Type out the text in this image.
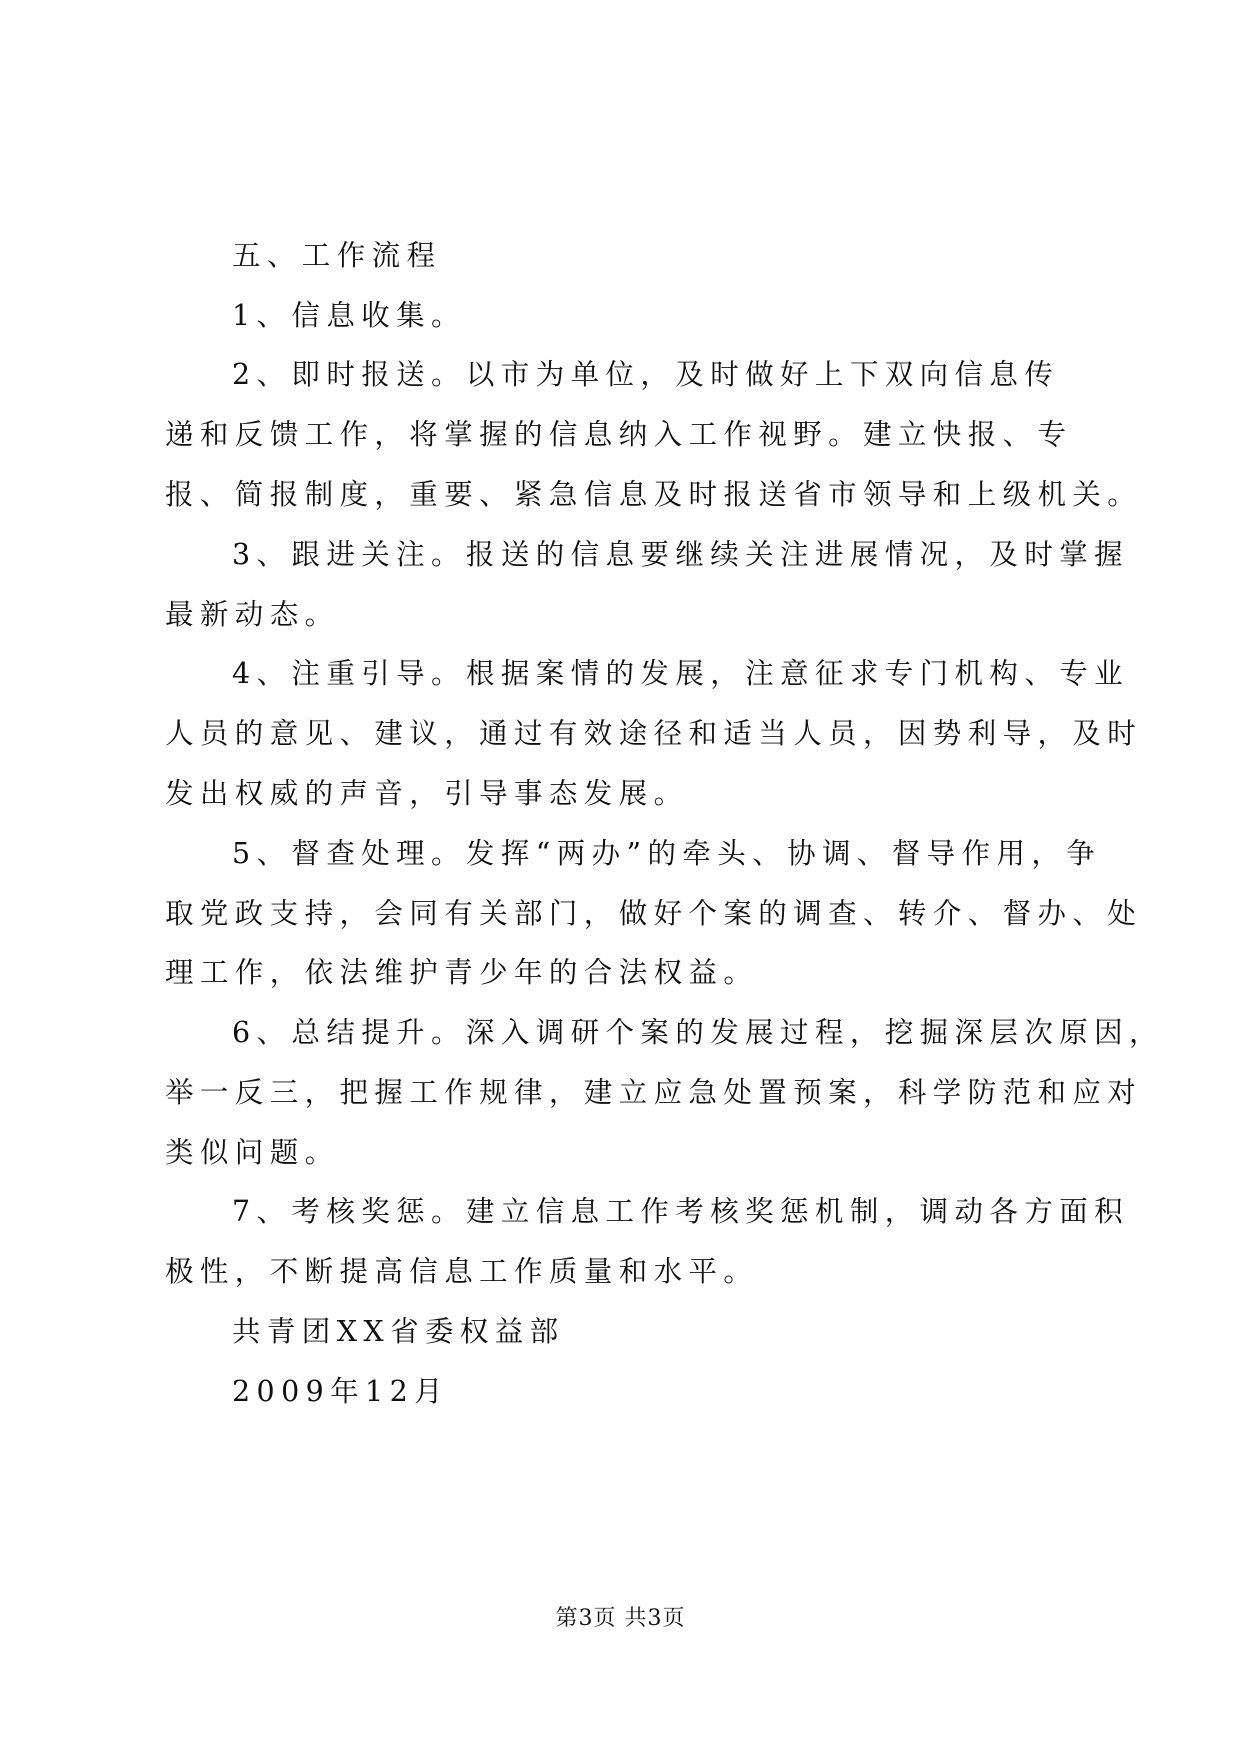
五、工作流程
1、信息收集。
2、即时报送。以市为单位，及时做好上下双向信息传
递和反馈工作，将掌握的信息纳入工作视野。建立快报、专
报、简报制度，重要、紧急信息及时报送省市领导和上级机关。
3、跟进关注。报送的信息要继续关注进展情况，及时掌握
最新动态。
4、注重引导。根据案情的发展，注意征求专门机构、专业
人员的意见、建议，通过有效途径和适当人员，因势利导，及时
发出权威的声音，引导事态发展。
5、督查处理。发挥“两办”的牵头、协调、督导作用，争
取党政支持，会同有关部门，做好个案的调查、转介、督办、处
理工作，依法维护青少年的合法权益。
6、总结提升。深入调研个案的发展过程，挖掘深层次原因，
举一反三，把握工作规律，建立应急处置预案，科学防范和应对
类似问题。
7、考核奖惩。建立信息工作考核奖惩机制，调动各方面积
极性，不断提高信息工作质量和水平。
共青团XX省委权益部
2009年12月
第3页 共3页
